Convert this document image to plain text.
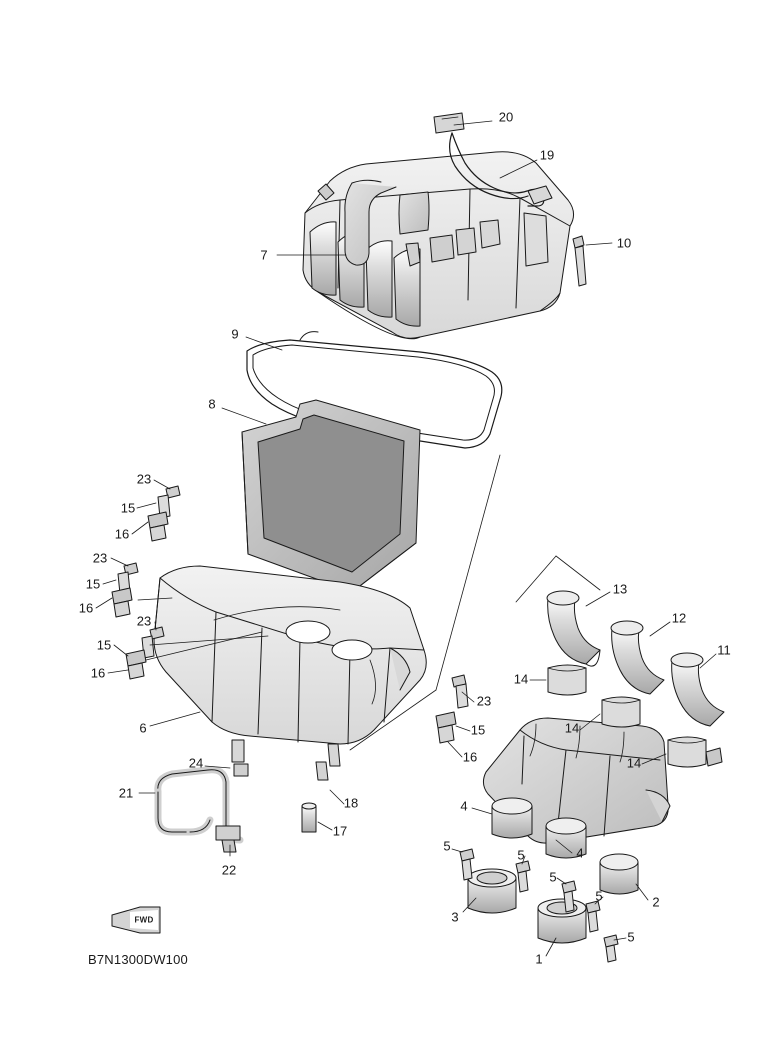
20
19
7
10
9
8
23
15
16
23
15
16
23
15
16
13
12
11
14
14
14
6
23
15
16
24
21
18
17
22
4
4
5
5
5
5
5
3
2
1
FWD
B7N1300DW100
